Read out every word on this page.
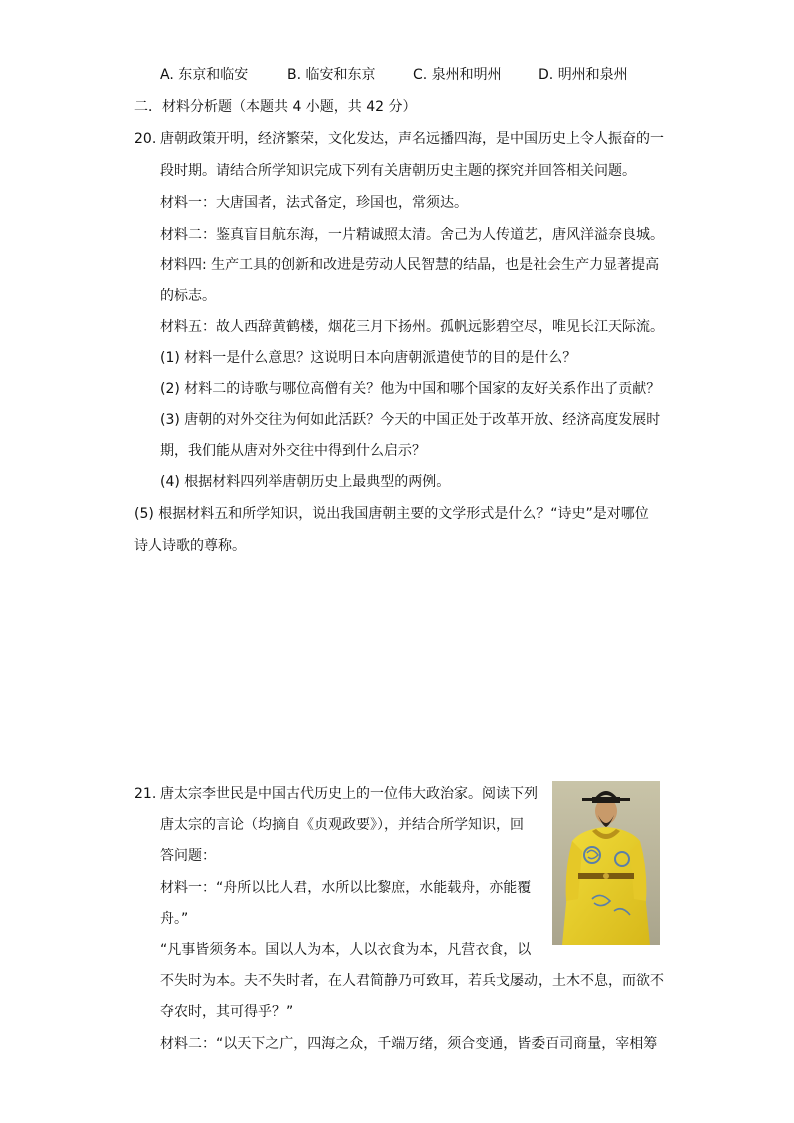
A. 东京和临安	B. 临安和东京	C. 泉州和明州	D. 明州和泉州
二．材料分析题（本题共 4 小题，共 42 分）
20. 唐朝政策开明，经济繁荣，文化发达，声名远播四海，是中国历史上令人振奋的一
段时期。请结合所学知识完成下列有关唐朝历史主题的探究并回答相关问题。
材料一：大唐国者，法式备定，珍国也，常须达。
材料二：鉴真盲目航东海，一片精诚照太清。舍己为人传道艺，唐风洋溢奈良城。
材料四: 生产工具的创新和改进是劳动人民智慧的结晶，也是社会生产力显著提高
的标志。
材料五：故人西辞黄鹤楼，烟花三月下扬州。孤帆远影碧空尽，唯见长江天际流。
(1) 材料一是什么意思？这说明日本向唐朝派遣使节的目的是什么？
(2) 材料二的诗歌与哪位高僧有关？他为中国和哪个国家的友好关系作出了贡献？
(3) 唐朝的对外交往为何如此活跃？今天的中国正处于改革开放、经济高度发展时
期，我们能从唐对外交往中得到什么启示？
(4) 根据材料四列举唐朝历史上最典型的两例。
(5) 根据材料五和所学知识，说出我国唐朝主要的文学形式是什么？“诗史”是对哪位
诗人诗歌的尊称。
21. 唐太宗李世民是中国古代历史上的一位伟大政治家。阅读下列
唐太宗的言论（均摘自《贞观政要》），并结合所学知识，回
答问题：
材料一：“舟所以比人君，水所以比黎庶，水能载舟，亦能覆
舟。”
“凡事皆须务本。国以人为本，人以衣食为本，凡营衣食，以
不失时为本。夫不失时者，在人君简静乃可致耳，若兵戈屡动，土木不息，而欲不
夺农时，其可得乎？”
材料二：“以天下之广，四海之众，千端万绪，须合变通，皆委百司商量，宰相筹
